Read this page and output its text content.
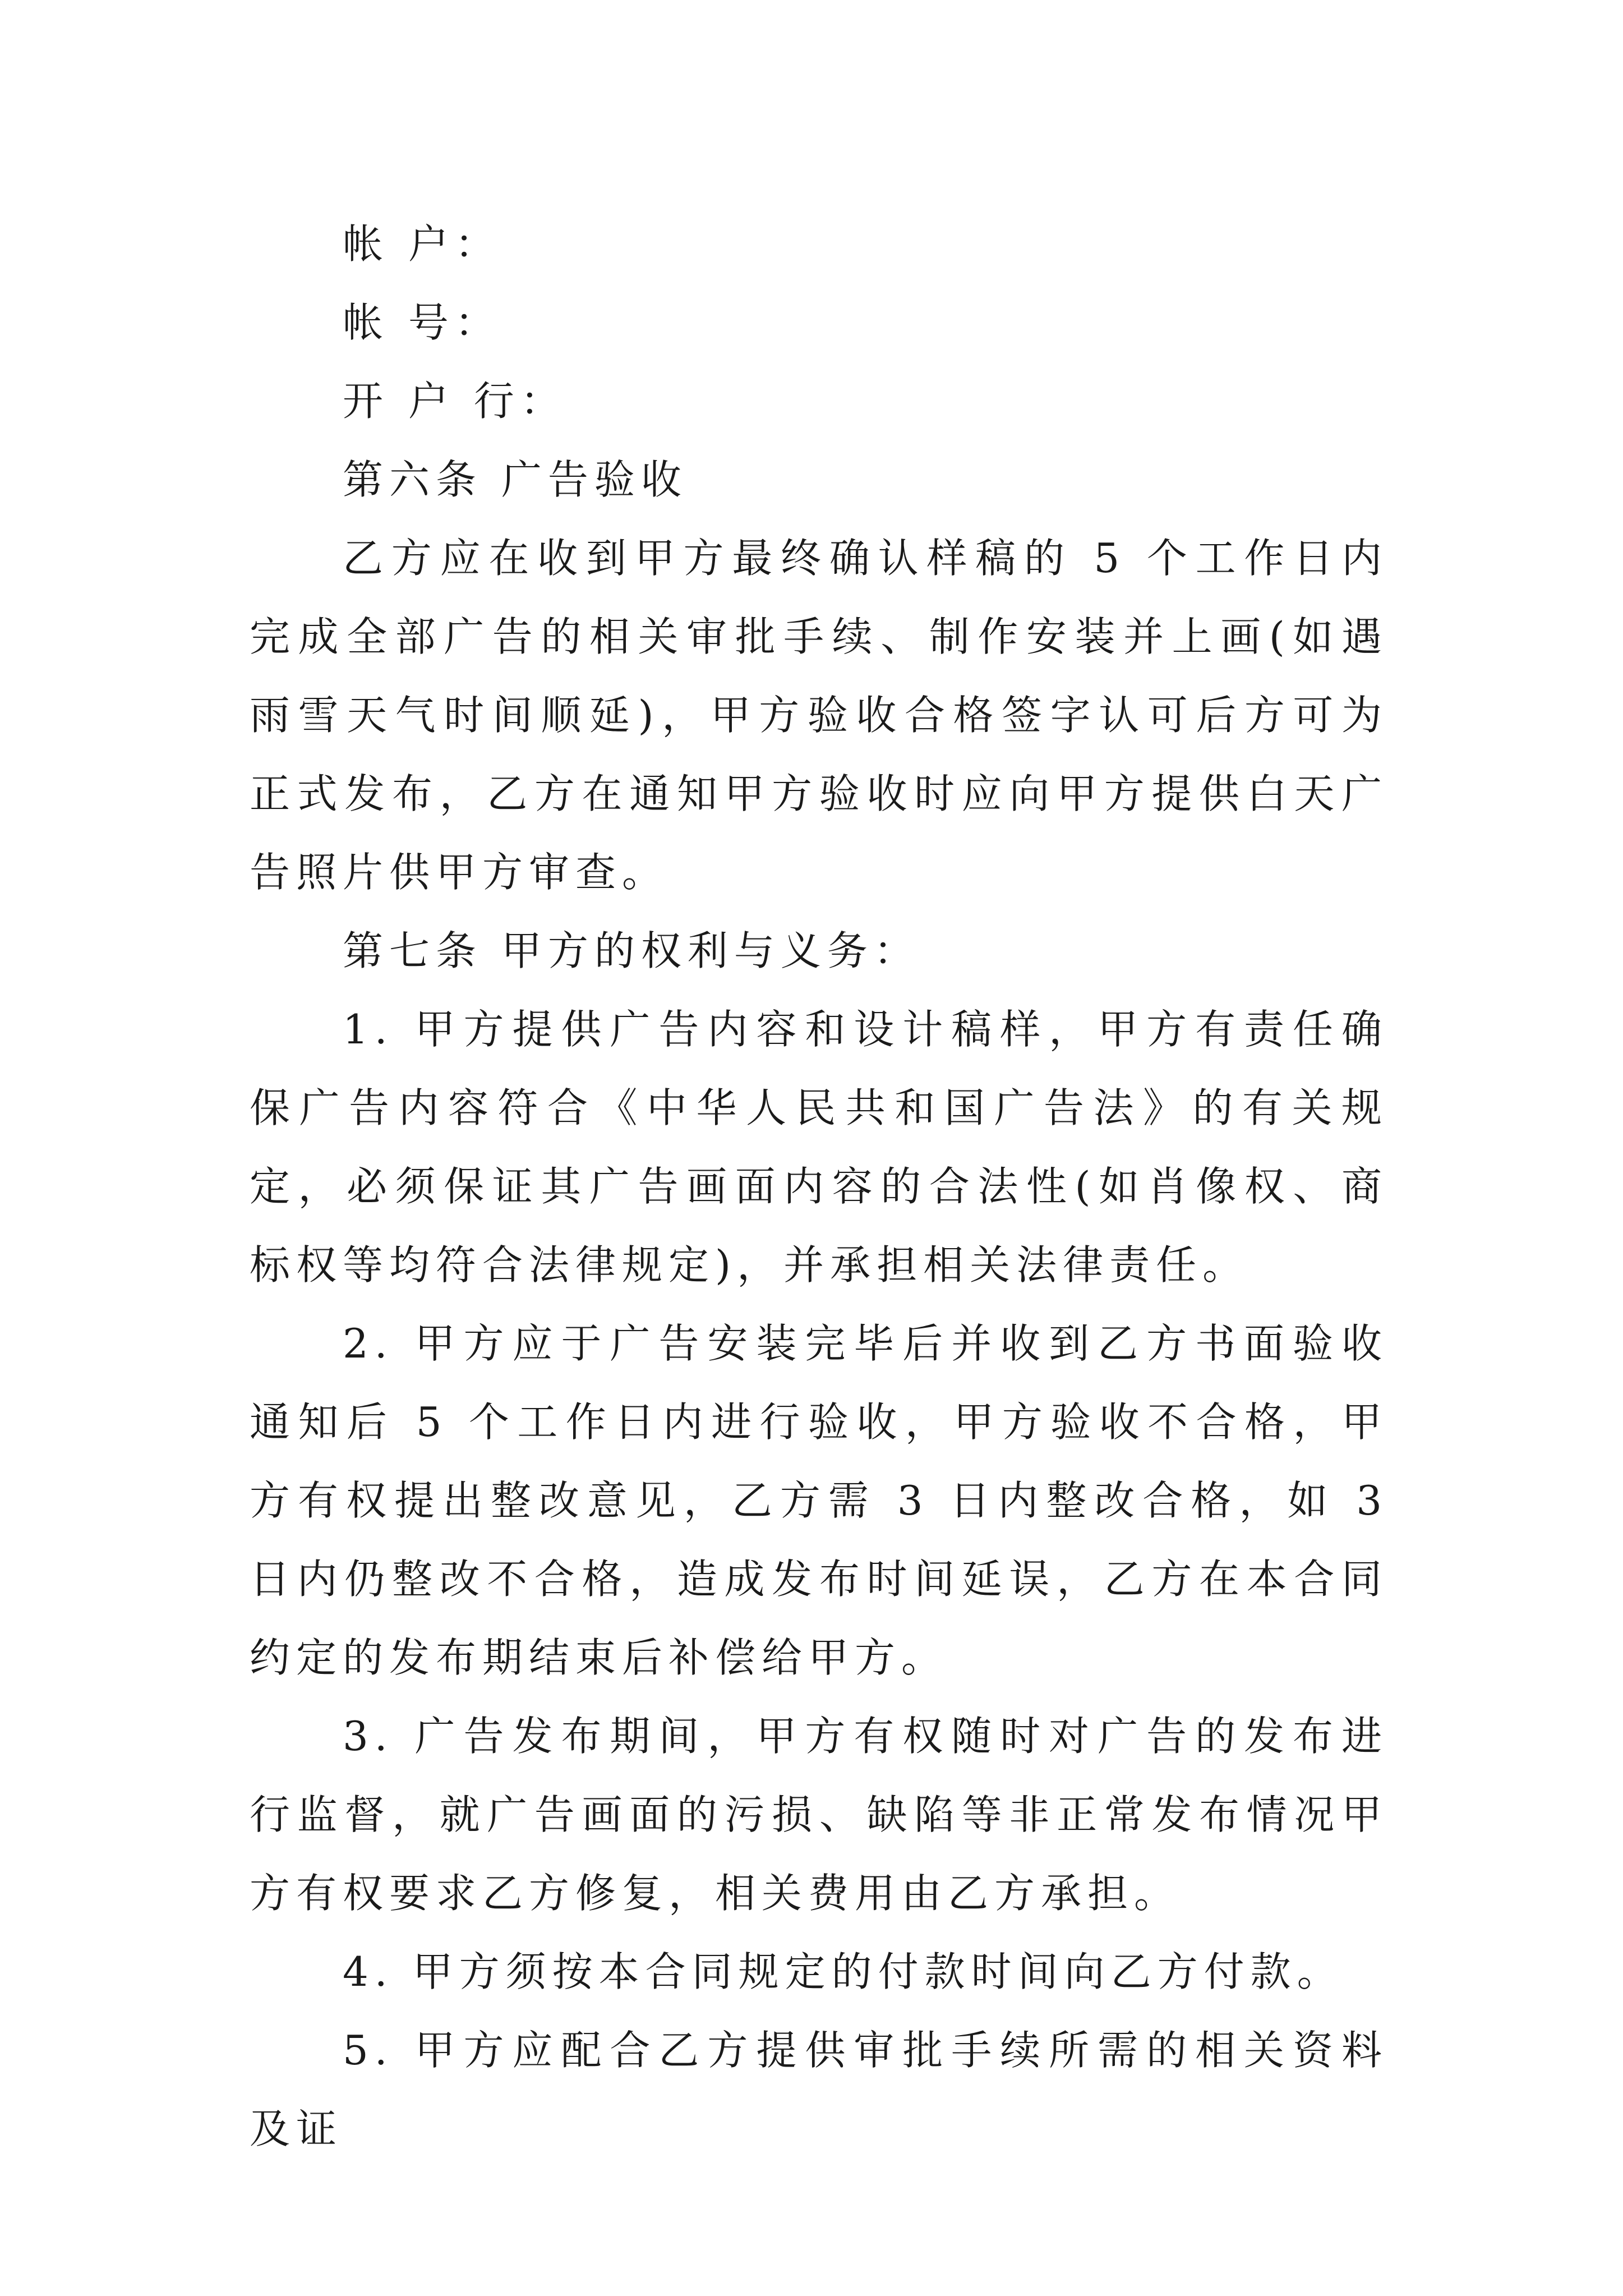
帐 户：

帐 号：

开 户 行：

第六条 广告验收

乙方应在收到甲方最终确认样稿的 5 个工作日内完成全部广告的相关审批手续、制作安装并上画(如遇雨雪天气时间顺延)，甲方验收合格签字认可后方可为正式发布，乙方在通知甲方验收时应向甲方提供白天广告照片供甲方审查。

第七条 甲方的权利与义务：

1. 甲方提供广告内容和设计稿样，甲方有责任确保广告内容符合《中华人民共和国广告法》的有关规定，必须保证其广告画面内容的合法性(如肖像权、商标权等均符合法律规定)，并承担相关法律责任。

2. 甲方应于广告安装完毕后并收到乙方书面验收通知后 5 个工作日内进行验收，甲方验收不合格，甲方有权提出整改意见，乙方需 3 日内整改合格，如 3 日内仍整改不合格，造成发布时间延误，乙方在本合同约定的发布期结束后补偿给甲方。

3. 广告发布期间，甲方有权随时对广告的发布进行监督，就广告画面的污损、缺陷等非正常发布情况甲方有权要求乙方修复，相关费用由乙方承担。

4. 甲方须按本合同规定的付款时间向乙方付款。

5. 甲方应配合乙方提供审批手续所需的相关资料及证
